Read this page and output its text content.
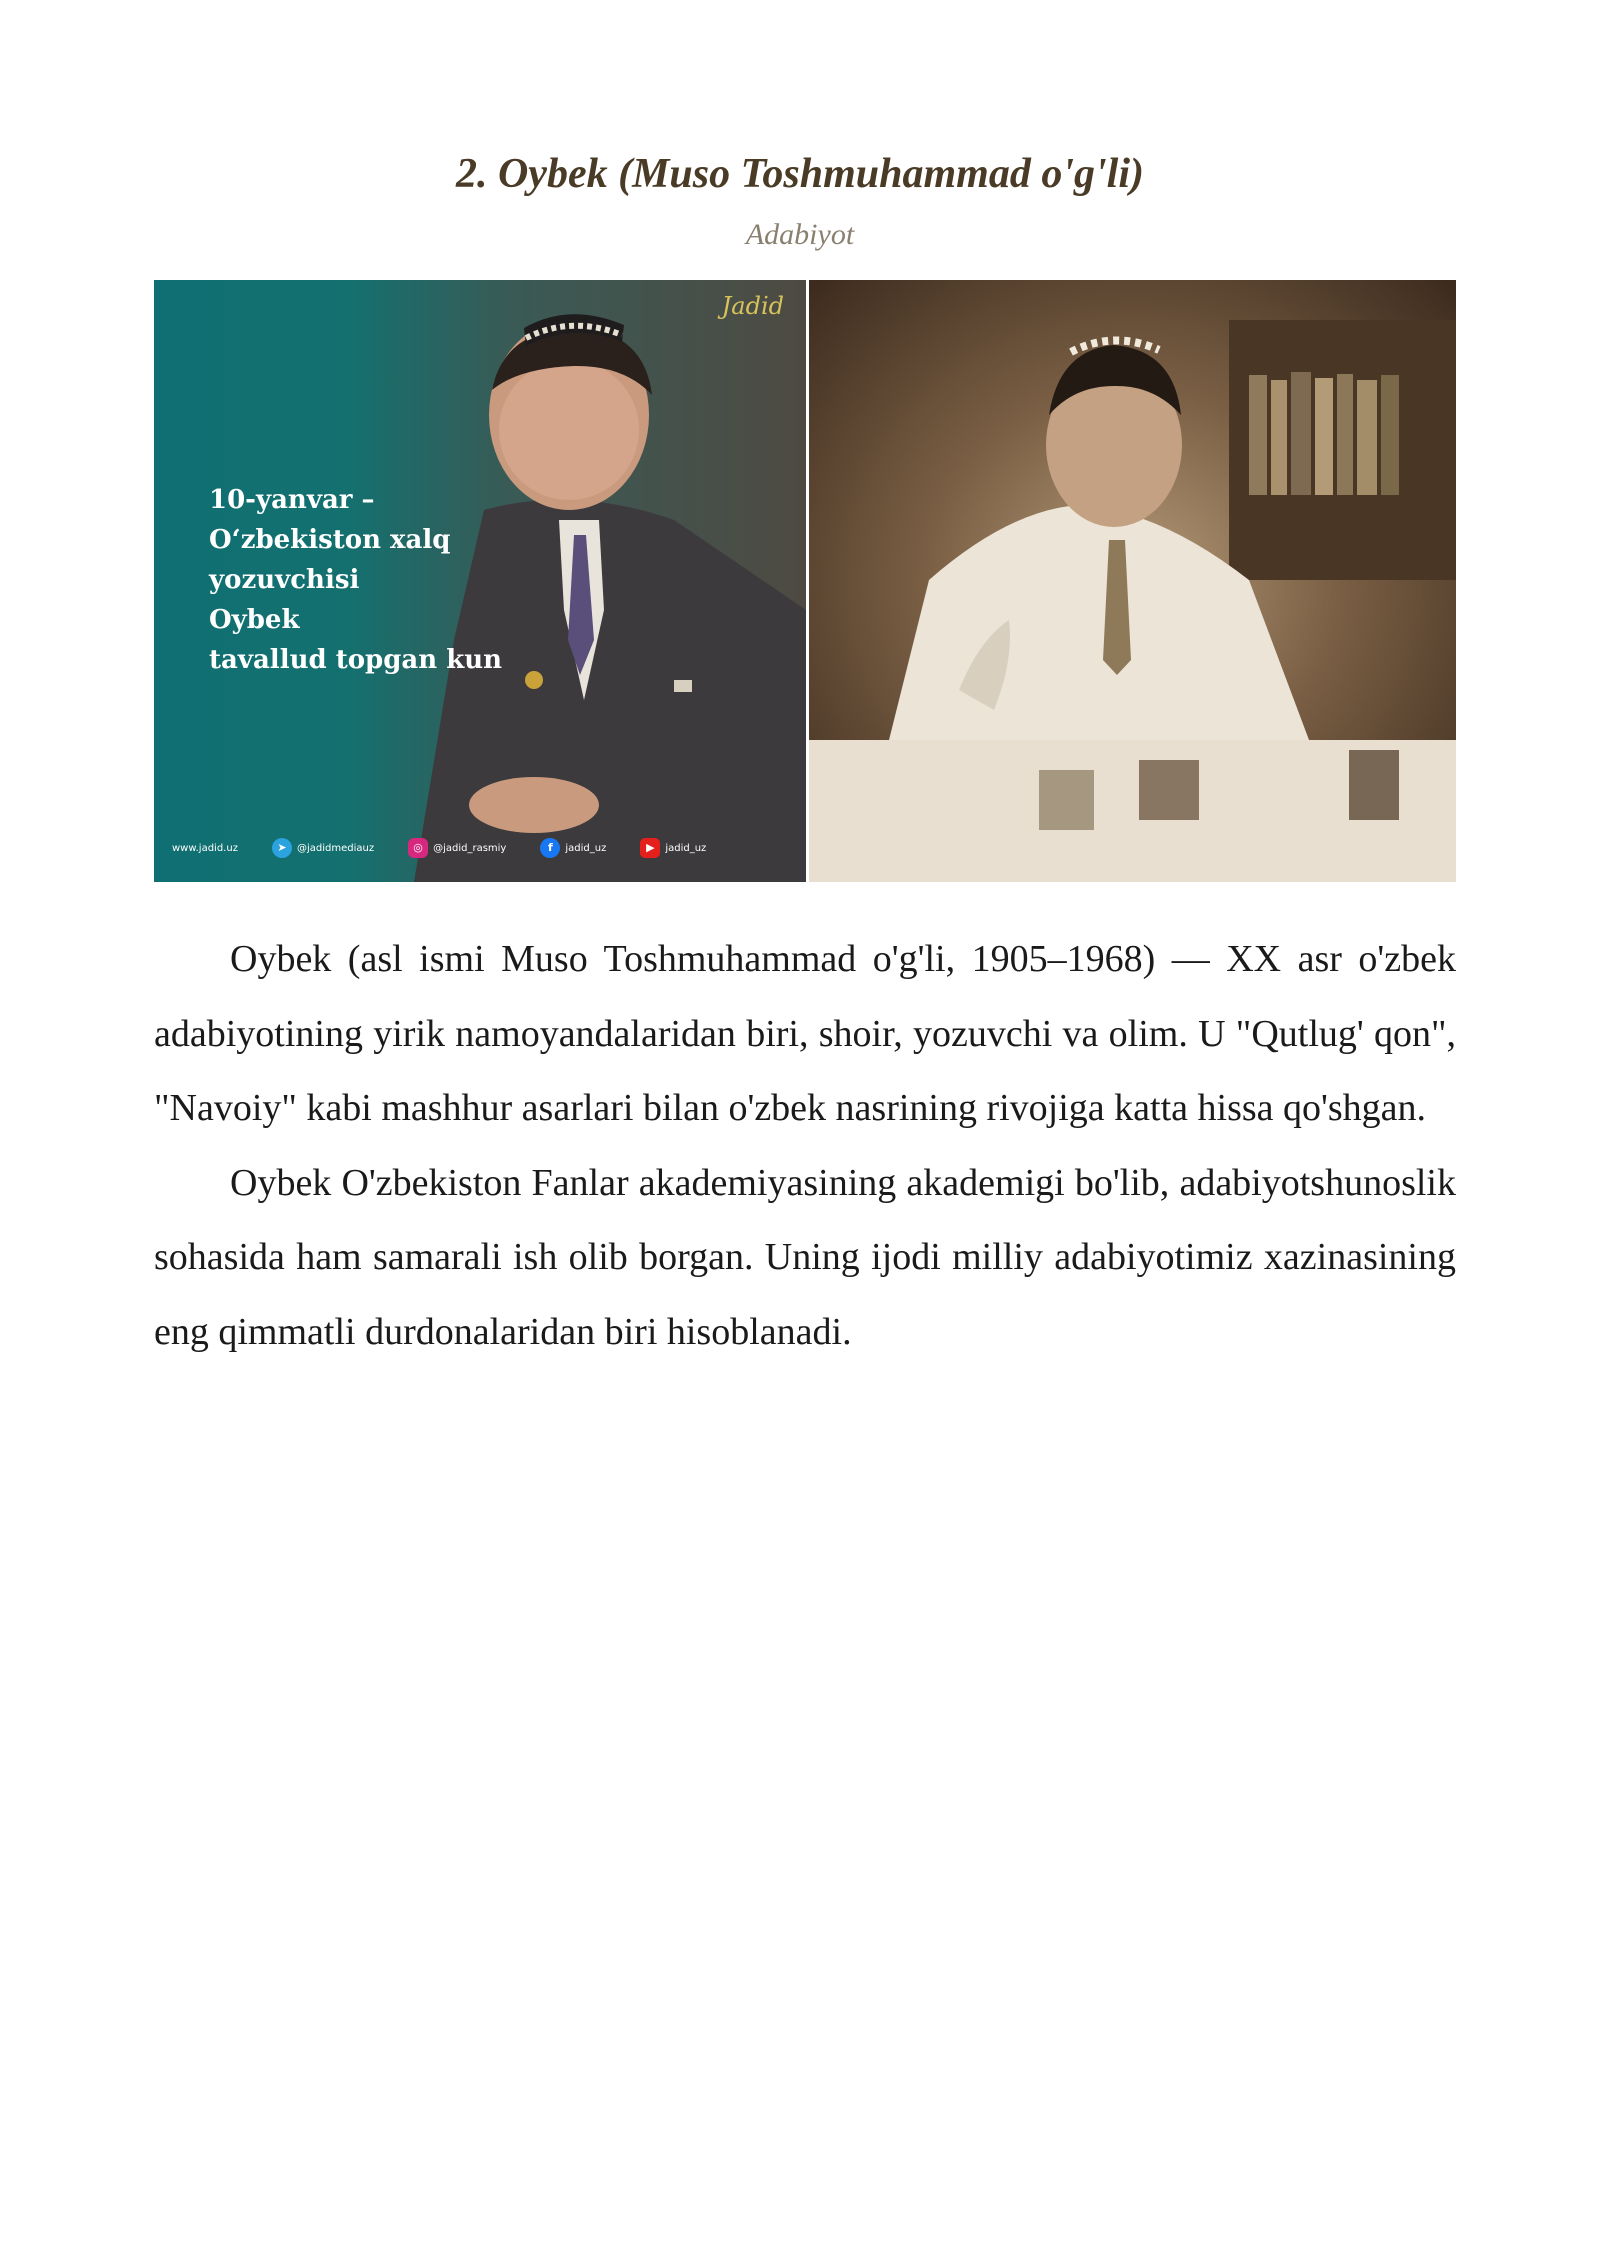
2. Oybek (Muso Toshmuhammad o'g'li)
Adabiyot
Jadid
10-yanvar –
O‘zbekiston xalq
yozuvchisi
Oybek
tavallud topgan kun
www.jadid.uz	➤	@jadidmediauz	◎	@jadid_rasmiy	f	jadid_uz	▶	jadid_uz

Oybek (asl ismi Muso Toshmuhammad o'g'li, 1905–1968) — XX asr o'zbek adabiyotining yirik namoyandalaridan biri, shoir, yozuvchi va olim. U "Qutlug' qon", "Navoiy" kabi mashhur asarlari bilan o'zbek nasrining rivojiga katta hissa qo'shgan.

Oybek O'zbekiston Fanlar akademiyasining akademigi bo'lib, adabiyotshunoslik sohasida ham samarali ish olib borgan. Uning ijodi milliy adabiyotimiz xazinasining eng qimmatli durdonalaridan biri hisoblanadi.
